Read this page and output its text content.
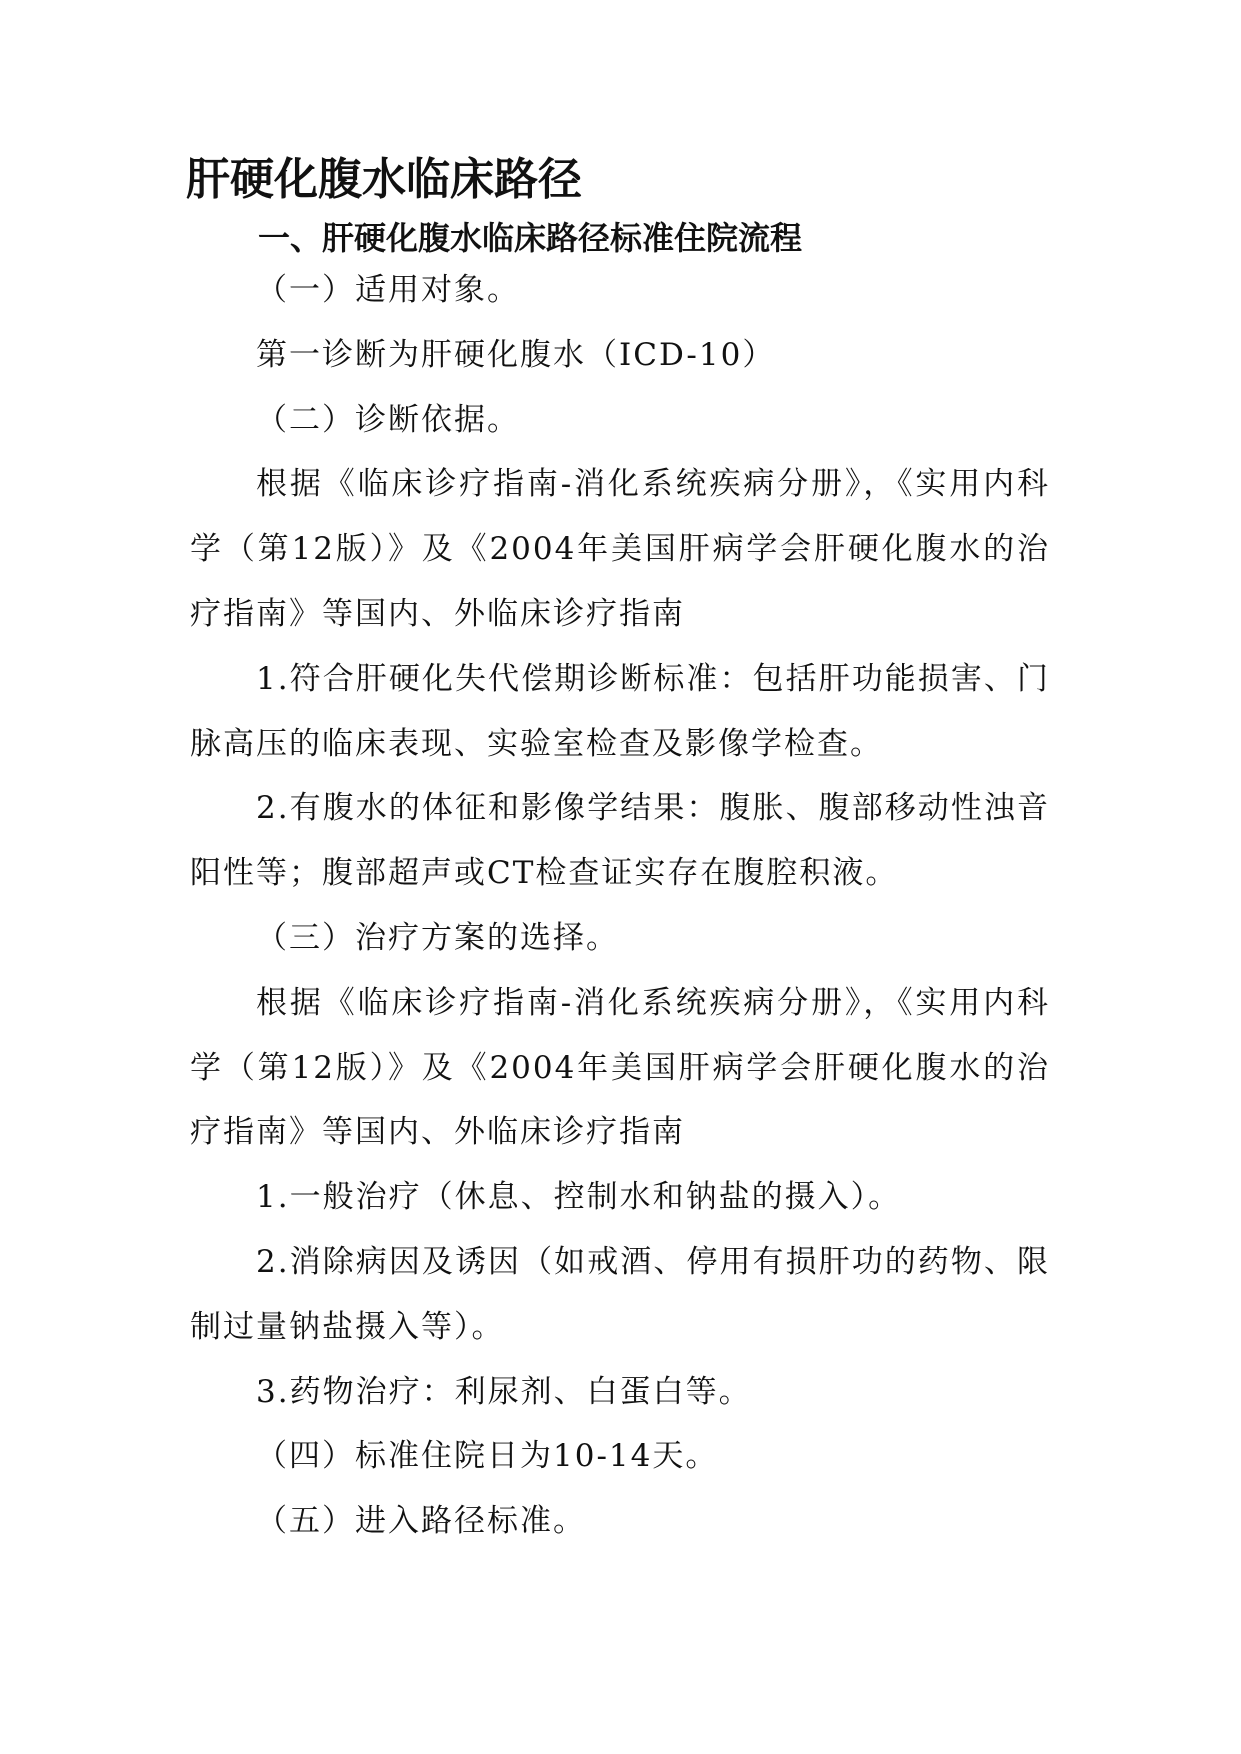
肝硬化腹水临床路径
一、肝硬化腹水临床路径标准住院流程

（一）适用对象。

第一诊断为肝硬化腹水（ICD-10）

（二）诊断依据。

根据《临床诊疗指南-消化系统疾病分册》，《实用内科学（第12版）》及《2004年美国肝病学会肝硬化腹水的治疗指南》等国内、外临床诊疗指南

1.符合肝硬化失代偿期诊断标准：包括肝功能损害、门脉高压的临床表现、实验室检查及影像学检查。

2.有腹水的体征和影像学结果：腹胀、腹部移动性浊音阳性等；腹部超声或CT检查证实存在腹腔积液。

（三）治疗方案的选择。

根据《临床诊疗指南-消化系统疾病分册》，《实用内科学（第12版）》及《2004年美国肝病学会肝硬化腹水的治疗指南》等国内、外临床诊疗指南

1.一般治疗（休息、控制水和钠盐的摄入）。

2.消除病因及诱因（如戒酒、停用有损肝功的药物、限制过量钠盐摄入等）。

3.药物治疗：利尿剂、白蛋白等。

（四）标准住院日为10-14天。

（五）进入路径标准。
